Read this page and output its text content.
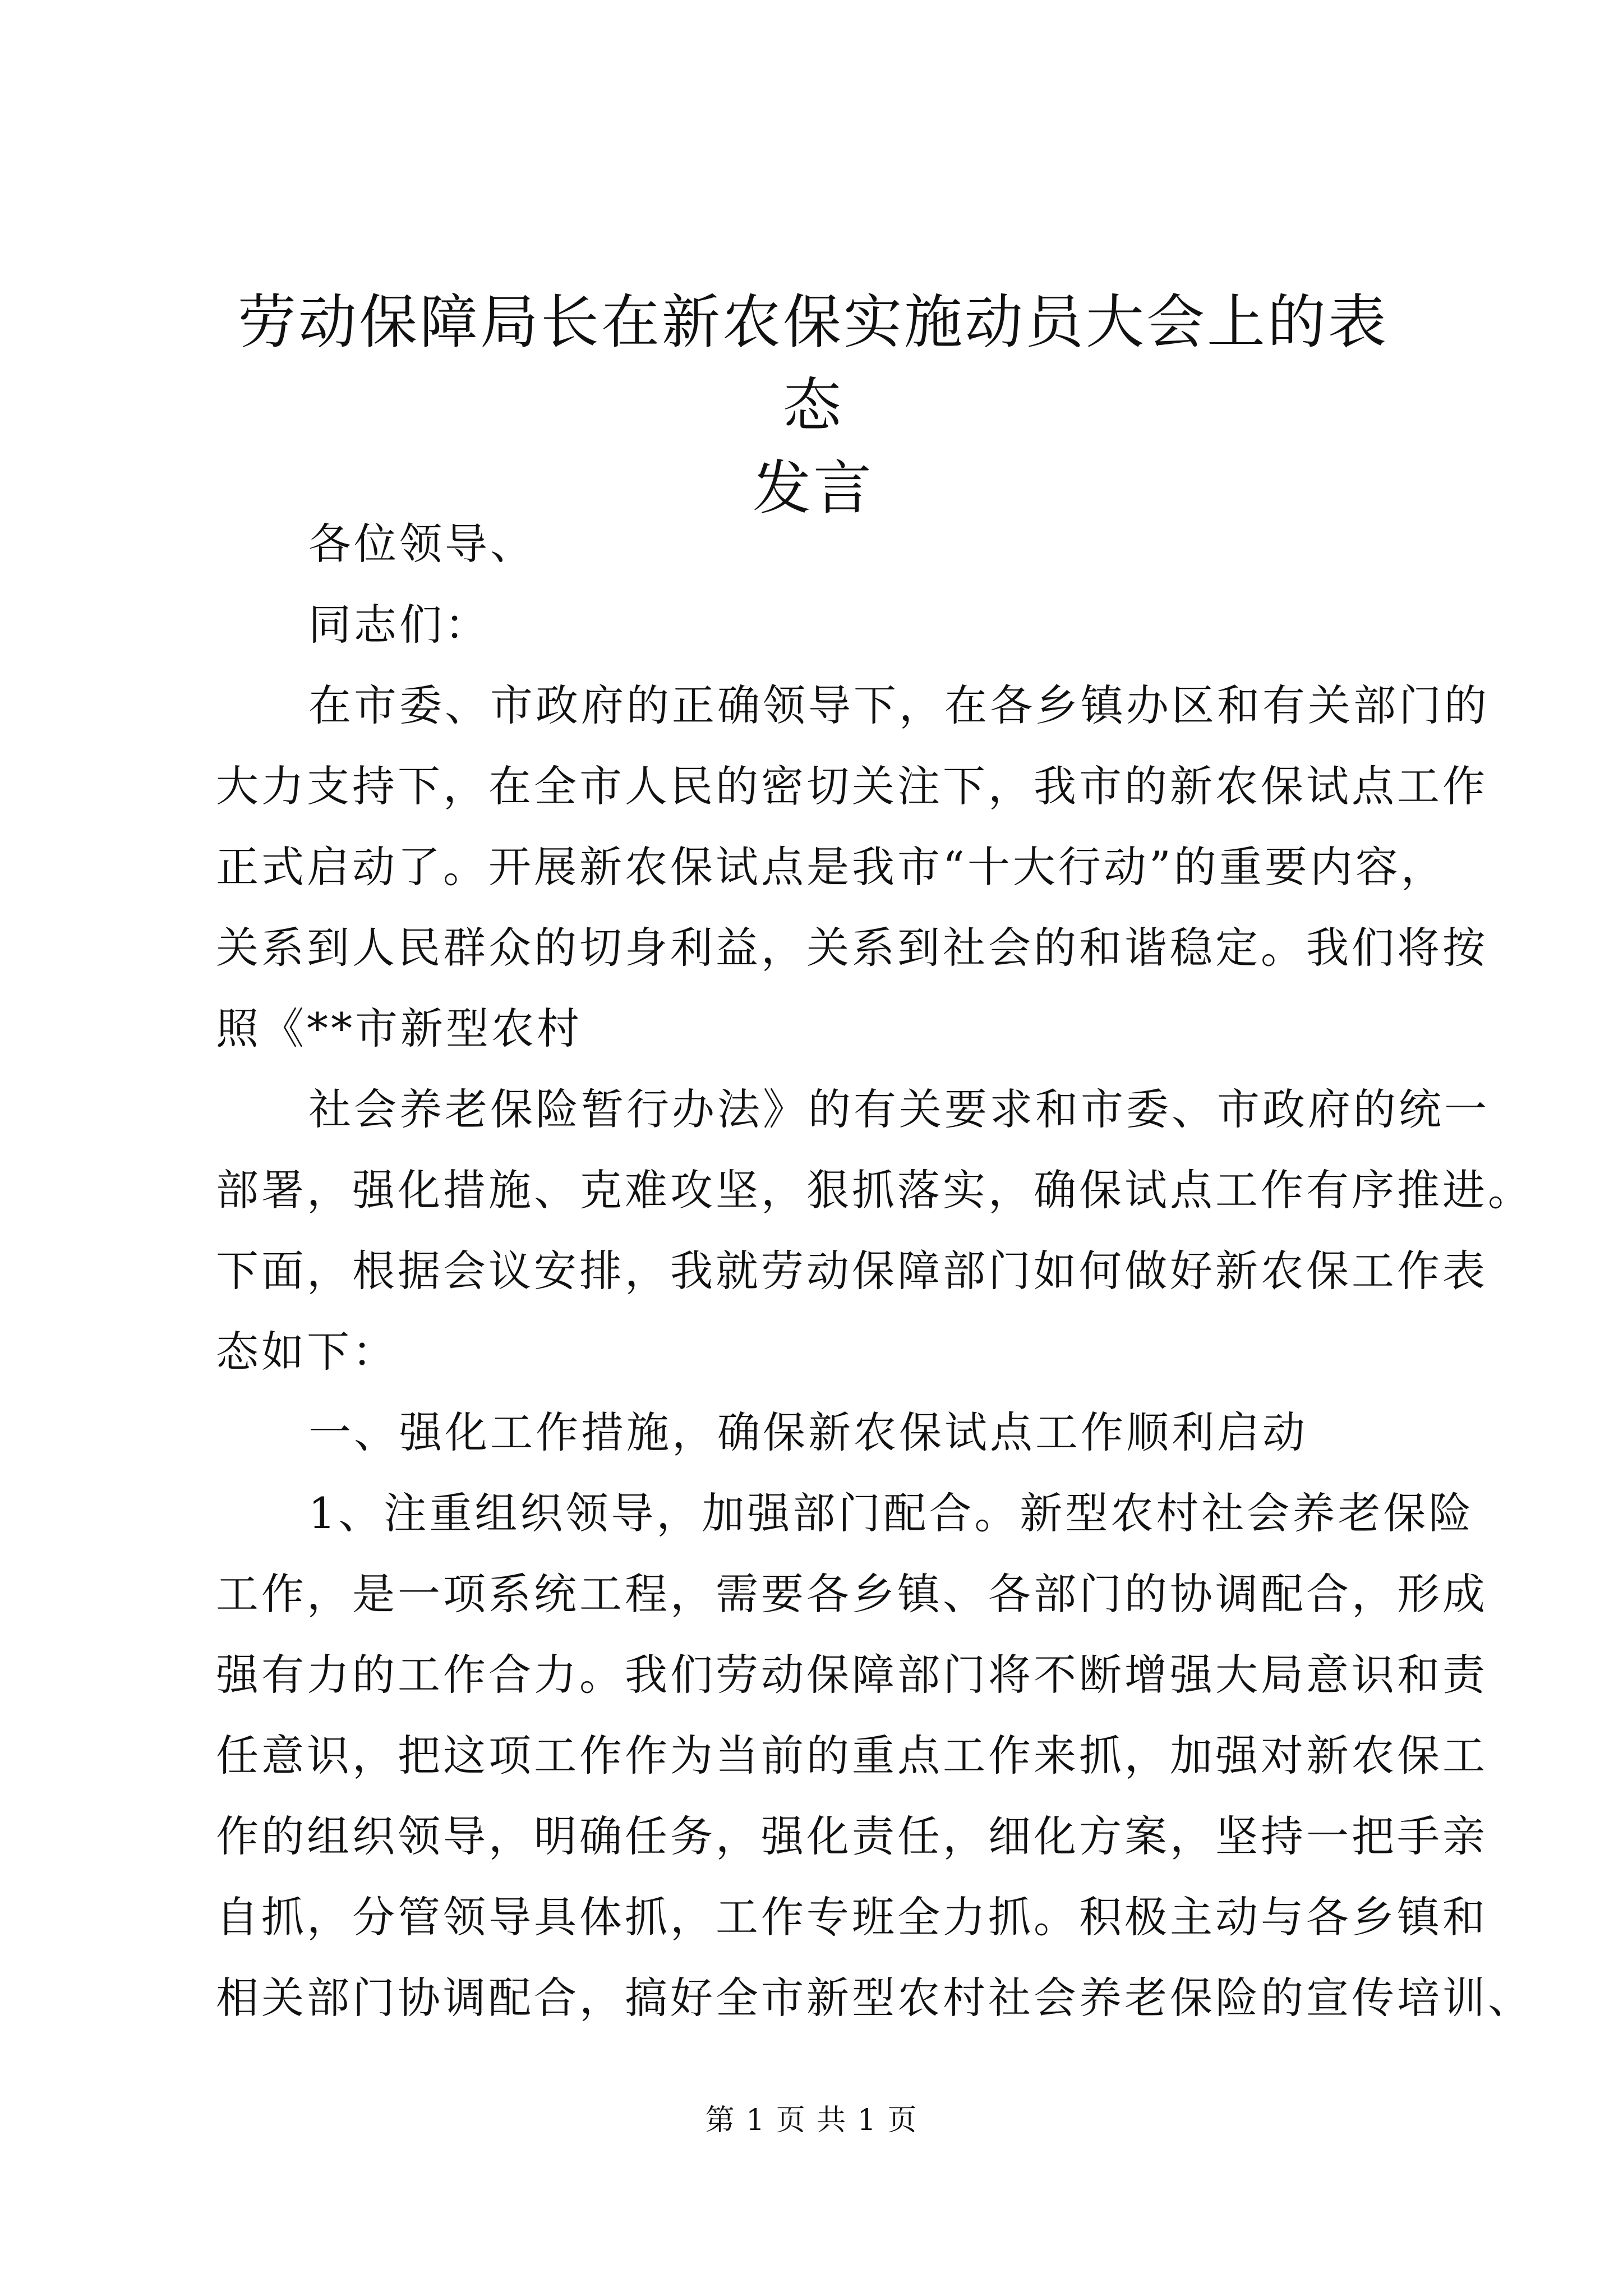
劳动保障局长在新农保实施动员大会上的表态
发言
各位领导、
同志们：
在市委、市政府的正确领导下，在各乡镇办区和有关部门的
大力支持下，在全市人民的密切关注下，我市的新农保试点工作
正式启动了。开展新农保试点是我市“十大行动”的重要内容，
关系到人民群众的切身利益，关系到社会的和谐稳定。我们将按
照《**市新型农村
社会养老保险暂行办法》的有关要求和市委、市政府的统一
部署，强化措施、克难攻坚，狠抓落实，确保试点工作有序推进。
下面，根据会议安排，我就劳动保障部门如何做好新农保工作表
态如下：
一、强化工作措施，确保新农保试点工作顺利启动
1、注重组织领导，加强部门配合。新型农村社会养老保险
工作，是一项系统工程，需要各乡镇、各部门的协调配合，形成
强有力的工作合力。我们劳动保障部门将不断增强大局意识和责
任意识，把这项工作作为当前的重点工作来抓，加强对新农保工
作的组织领导，明确任务，强化责任，细化方案，坚持一把手亲
自抓，分管领导具体抓，工作专班全力抓。积极主动与各乡镇和
相关部门协调配合，搞好全市新型农村社会养老保险的宣传培训、
第 1 页 共 1 页
